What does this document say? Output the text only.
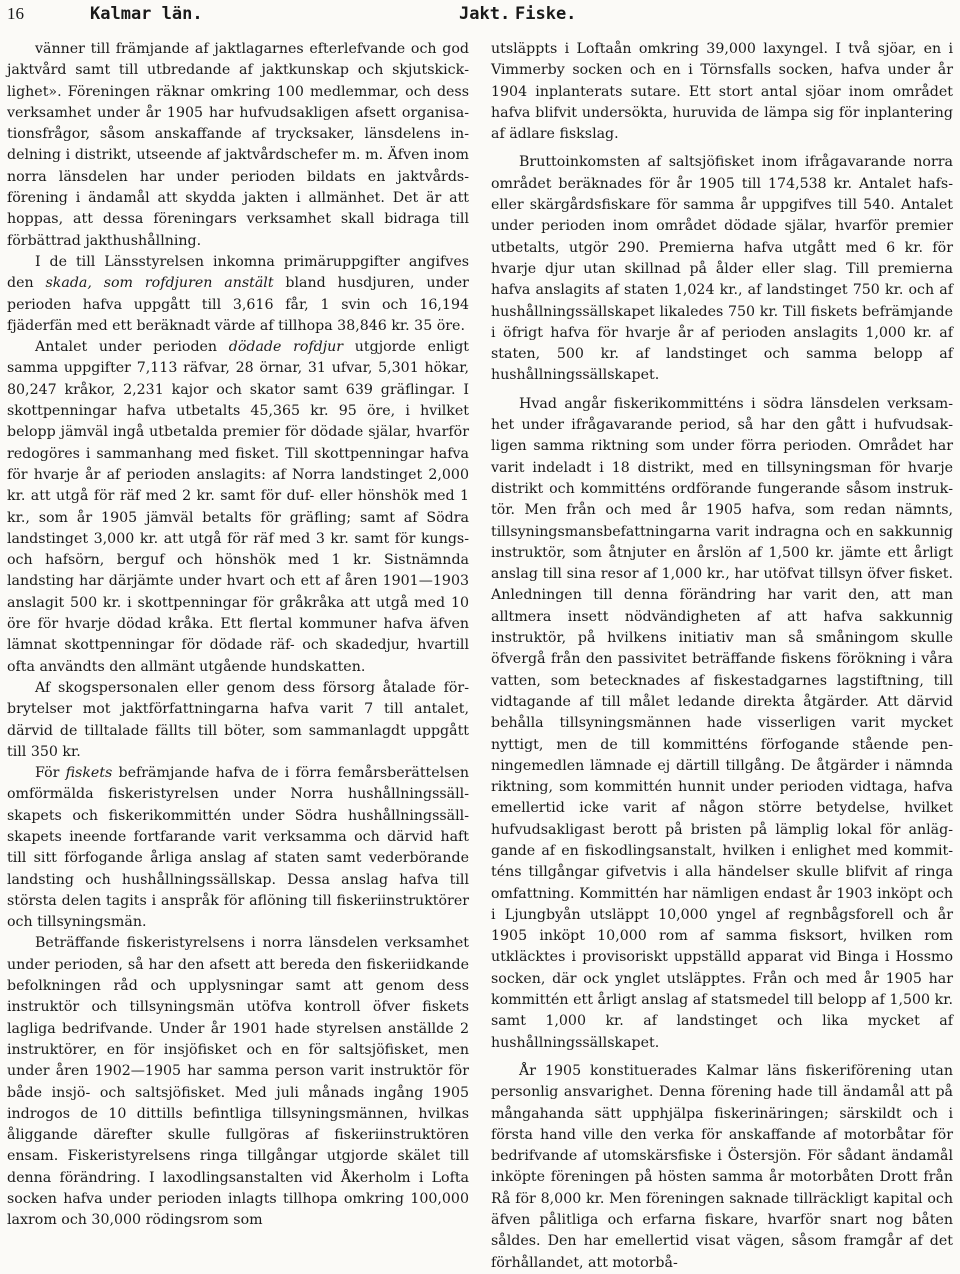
16	Kalmar län.	Jakt. Fiske.

vänner till främjande af jaktlagarnes efterlefvande och god jaktvård samt till utbredande af jaktkunskap och skjutskicklighet». Föreningen räknar omkring 100 medlemmar, och dess verksamhet under år 1905 har hufvudsakligen afsett organisationsfrågor, såsom anskaffande af trycksaker, länsdelens indelning i distrikt, utseende af jaktvårdschefer m. m. Äfven inom norra länsdelen har under perioden bildats en jaktvårdsförening i ändamål att skydda jakten i allmänhet. Det är att hoppas, att dessa föreningars verksamhet skall bidraga till förbättrad jakthushållning.

I de till Länsstyrelsen inkomna primäruppgifter angifves den skada, som rofdjuren anstält bland husdjuren, under perioden hafva uppgått till 3,616 får, 1 svin och 16,194 fjäderfän med ett beräknadt värde af tillhopa 38,846 kr. 35 öre.

Antalet under perioden dödade rofdjur utgjorde enligt samma uppgifter 7,113 räfvar, 28 örnar, 31 ufvar, 5,301 hökar, 80,247 kråkor, 2,231 kajor och skator samt 639 gräflingar. I skottpenningar hafva utbetalts 45,365 kr. 95 öre, i hvilket belopp jämväl ingå utbetalda premier för dödade själar, hvarför redogöres i sammanhang med fisket. Till skottpenningar hafva för hvarje år af perioden anslagits: af Norra landstinget 2,000 kr. att utgå för räf med 2 kr. samt för duf- eller hönshök med 1 kr., som år 1905 jämväl betalts för gräfling; samt af Södra landstinget 3,000 kr. att utgå för räf med 3 kr. samt för kungs- och hafsörn, berguf och hönshök med 1 kr. Sistnämnda landsting har därjämte under hvart och ett af åren 1901—1903 anslagit 500 kr. i skottpenningar för gråkråka att utgå med 10 öre för hvarje dödad kråka. Ett flertal kommuner hafva äfven lämnat skottpenningar för dödade räf- och skadedjur, hvartill ofta användts den allmänt utgående hundskatten.

Af skogspersonalen eller genom dess försorg åtalade förbrytelser mot jaktförfattningarna hafva varit 7 till antalet, därvid de tilltalade fällts till böter, som sammanlagdt uppgått till 350 kr.

För fiskets befrämjande hafva de i förra femårsberättelsen omförmälda fiskeristyrelsen under Norra hushållningssällskapets och fiskerikommittén under Södra hushållningssällskapets ineende fortfarande varit verksamma och därvid haft till sitt förfogande årliga anslag af staten samt vederbörande landsting och hushållningssällskap. Dessa anslag hafva till största delen tagits i anspråk för aflöning till fiskeriinstruktörer och tillsyningsmän.

Beträffande fiskeristyrelsens i norra länsdelen verksamhet under perioden, så har den afsett att bereda den fiskeriidkande befolkningen råd och upplysningar samt att genom dess instruktör och tillsyningsmän utöfva kontroll öfver fiskets lagliga bedrifvande. Under år 1901 hade styrelsen anställde 2 instruktörer, en för insjöfisket och en för saltsjöfisket, men under åren 1902—1905 har samma person varit instruktör för både insjö- och saltsjöfisket. Med juli månads ingång 1905 indrogos de 10 dittills befintliga tillsyningsmännen, hvilkas åliggande därefter skulle fullgöras af fiskeriinstruktören ensam. Fiskeristyrelsens ringa tillgångar utgjorde skälet till denna förändring. I laxodlingsanstalten vid Åkerholm i Lofta socken hafva under perioden inlagts tillhopa omkring 100,000 laxrom och 30,000 rödingsrom som

utsläppts i Loftaån omkring 39,000 laxyngel. I två sjöar, en i Vimmerby socken och en i Törnsfalls socken, hafva under år 1904 inplanterats sutare. Ett stort antal sjöar inom området hafva blifvit undersökta, huruvida de lämpa sig för inplantering af ädlare fiskslag.

Bruttoinkomsten af saltsjöfisket inom ifrågavarande norra området beräknades för år 1905 till 174,538 kr. Antalet hafs- eller skärgårdsfiskare för samma år uppgifves till 540. Antalet under perioden inom området dödade själar, hvarför premier utbetalts, utgör 290. Premierna hafva utgått med 6 kr. för hvarje djur utan skillnad på ålder eller slag. Till premierna hafva anslagits af staten 1,024 kr., af landstinget 750 kr. och af hushållningssällskapet likaledes 750 kr. Till fiskets befrämjande i öfrigt hafva för hvarje år af perioden anslagits 1,000 kr. af staten, 500 kr. af landstinget och samma belopp af hushållningssällskapet.

Hvad angår fiskerikommitténs i södra länsdelen verksamhet under ifrågavarande period, så har den gått i hufvudsakligen samma riktning som under förra perioden. Området har varit indeladt i 18 distrikt, med en tillsyningsman för hvarje distrikt och kommitténs ordförande fungerande såsom instruktör. Men från och med år 1905 hafva, som redan nämnts, tillsyningsmansbefattningarna varit indragna och en sakkunnig instruktör, som åtnjuter en årslön af 1,500 kr. jämte ett årligt anslag till sina resor af 1,000 kr., har utöfvat tillsyn öfver fisket. Anledningen till denna förändring har varit den, att man alltmera insett nödvändigheten af att hafva sakkunnig instruktör, på hvilkens initiativ man så småningom skulle öfvergå från den passivitet beträffande fiskens förökning i våra vatten, som betecknades af fiskestadgarnes lagstiftning, till vidtagande af till målet ledande direkta åtgärder. Att därvid behålla tillsyningsmännen hade visserligen varit mycket nyttigt, men de till kommitténs förfogande stående penningemedlen lämnade ej därtill tillgång. De åtgärder i nämnda riktning, som kommittén hunnit under perioden vidtaga, hafva emellertid icke varit af någon större betydelse, hvilket hufvudsakligast berott på bristen på lämplig lokal för anläggande af en fiskodlingsanstalt, hvilken i enlighet med kommitténs tillgångar gifvetvis i alla händelser skulle blifvit af ringa omfattning. Kommittén har nämligen endast år 1903 inköpt och i Ljungbyån utsläppt 10,000 yngel af regnbågsforell och år 1905 inköpt 10,000 rom af samma fisksort, hvilken rom utkläcktes i provisoriskt uppställd apparat vid Binga i Hossmo socken, där ock ynglet utsläpptes. Från och med år 1905 har kommittén ett årligt anslag af statsmedel till belopp af 1,500 kr. samt 1,000 kr. af landstinget och lika mycket af hushållningssällskapet.

År 1905 konstituerades Kalmar läns fiskeriförening utan personlig ansvarighet. Denna förening hade till ändamål att på mångahanda sätt upphjälpa fiskerinäringen; särskildt och i första hand ville den verka för anskaffande af motorbåtar för bedrifvande af utomskärsfiske i Östersjön. För sådant ändamål inköpte föreningen på hösten samma år motorbåten Drott från Rå för 8,000 kr. Men föreningen saknade tillräckligt kapital och äfven pålitliga och erfarna fiskare, hvarför snart nog båten såldes. Den har emellertid visat vägen, såsom framgår af det förhållandet, att motorbå-
